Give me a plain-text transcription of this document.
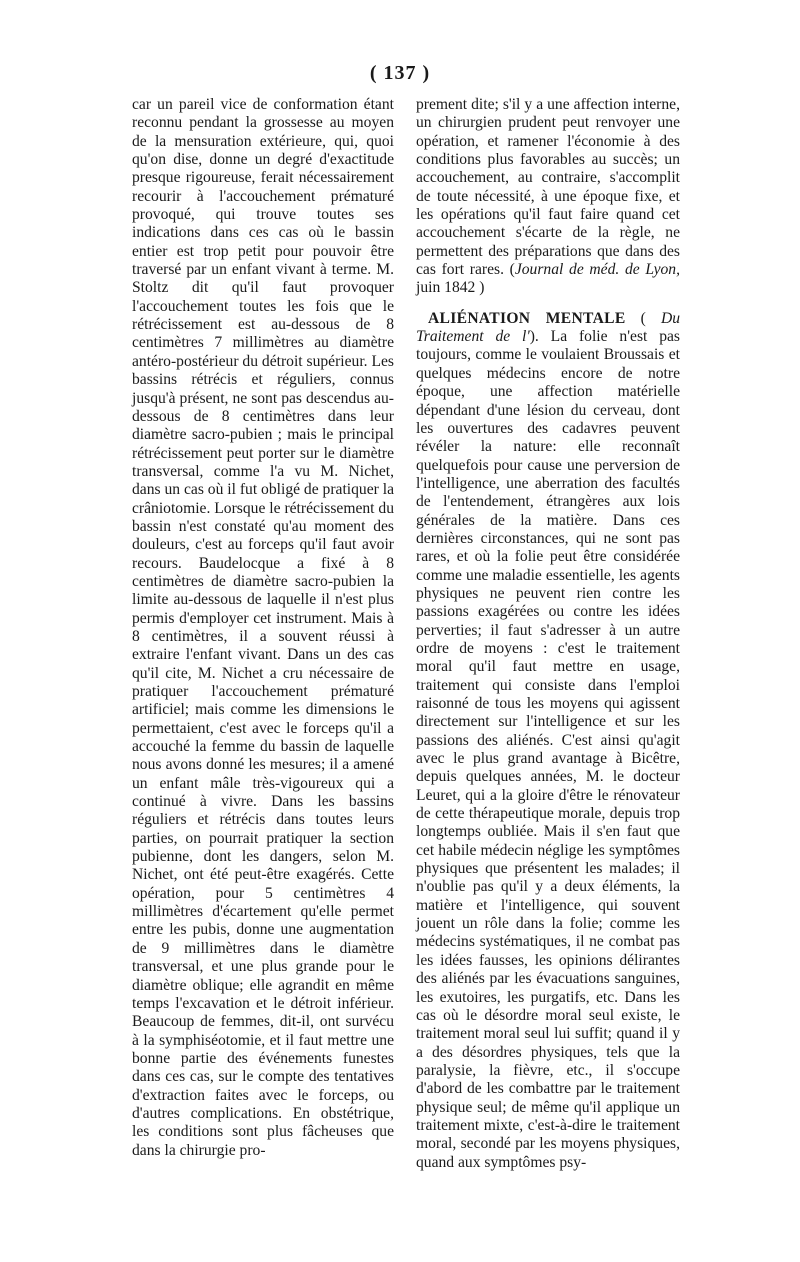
( 137 )

car un pareil vice de conformation étant reconnu pendant la grossesse au moyen de la mensuration extérieure, qui, quoi qu'on dise, donne un degré d'exactitude presque rigoureuse, ferait nécessairement recourir à l'accouchement prématuré provoqué, qui trouve toutes ses indications dans ces cas où le bassin entier est trop petit pour pouvoir être traversé par un enfant vivant à terme. M. Stoltz dit qu'il faut provoquer l'accouchement toutes les fois que le rétrécissement est au-dessous de 8 centimètres 7 millimètres au diamètre antéro-postérieur du détroit supérieur. Les bassins rétrécis et réguliers, connus jusqu'à présent, ne sont pas descendus au-dessous de 8 centimètres dans leur diamètre sacro-pubien ; mais le principal rétrécissement peut porter sur le diamètre transversal, comme l'a vu M. Nichet, dans un cas où il fut obligé de pratiquer la crâniotomie. Lorsque le rétrécissement du bassin n'est constaté qu'au moment des douleurs, c'est au forceps qu'il faut avoir recours. Baudelocque a fixé à 8 centimètres de diamètre sacro-pubien la limite au-dessous de laquelle il n'est plus permis d'employer cet instrument. Mais à 8 centimètres, il a souvent réussi à extraire l'enfant vivant. Dans un des cas qu'il cite, M. Nichet a cru nécessaire de pratiquer l'accouchement prématuré artificiel; mais comme les dimensions le permettaient, c'est avec le forceps qu'il a accouché la femme du bassin de laquelle nous avons donné les mesures; il a amené un enfant mâle très-vigoureux qui a continué à vivre. Dans les bassins réguliers et rétrécis dans toutes leurs parties, on pourrait pratiquer la section pubienne, dont les dangers, selon M. Nichet, ont été peut-être exagérés. Cette opération, pour 5 centimètres 4 millimètres d'écartement qu'elle permet entre les pubis, donne une augmentation de 9 millimètres dans le diamètre transversal, et une plus grande pour le diamètre oblique; elle agrandit en même temps l'excavation et le détroit inférieur. Beaucoup de femmes, dit-il, ont survécu à la symphiséotomie, et il faut mettre une bonne partie des événements funestes dans ces cas, sur le compte des tentatives d'extraction faites avec le forceps, ou d'autres complications. En obstétrique, les conditions sont plus fâcheuses que dans la chirurgie pro-

prement dite; s'il y a une affection interne, un chirurgien prudent peut renvoyer une opération, et ramener l'économie à des conditions plus favorables au succès; un accouchement, au contraire, s'accomplit de toute nécessité, à une époque fixe, et les opérations qu'il faut faire quand cet accouchement s'écarte de la règle, ne permettent des préparations que dans des cas fort rares. (Journal de méd. de Lyon, juin 1842 )

ALIÉNATION MENTALE ( Du Traitement de l'). La folie n'est pas toujours, comme le voulaient Broussais et quelques médecins encore de notre époque, une affection matérielle dépendant d'une lésion du cerveau, dont les ouvertures des cadavres peuvent révéler la nature: elle reconnaît quelquefois pour cause une perversion de l'intelligence, une aberration des facultés de l'entendement, étrangères aux lois générales de la matière. Dans ces dernières circonstances, qui ne sont pas rares, et où la folie peut être considérée comme une maladie essentielle, les agents physiques ne peuvent rien contre les passions exagérées ou contre les idées perverties; il faut s'adresser à un autre ordre de moyens : c'est le traitement moral qu'il faut mettre en usage, traitement qui consiste dans l'emploi raisonné de tous les moyens qui agissent directement sur l'intelligence et sur les passions des aliénés. C'est ainsi qu'agit avec le plus grand avantage à Bicêtre, depuis quelques années, M. le docteur Leuret, qui a la gloire d'être le rénovateur de cette thérapeutique morale, depuis trop longtemps oubliée. Mais il s'en faut que cet habile médecin néglige les symptômes physiques que présentent les malades; il n'oublie pas qu'il y a deux éléments, la matière et l'intelligence, qui souvent jouent un rôle dans la folie; comme les médecins systématiques, il ne combat pas les idées fausses, les opinions délirantes des aliénés par les évacuations sanguines, les exutoires, les purgatifs, etc. Dans les cas où le désordre moral seul existe, le traitement moral seul lui suffit; quand il y a des désordres physiques, tels que la paralysie, la fièvre, etc., il s'occupe d'abord de les combattre par le traitement physique seul; de même qu'il applique un traitement mixte, c'est-à-dire le traitement moral, secondé par les moyens physiques, quand aux symptômes psy-
